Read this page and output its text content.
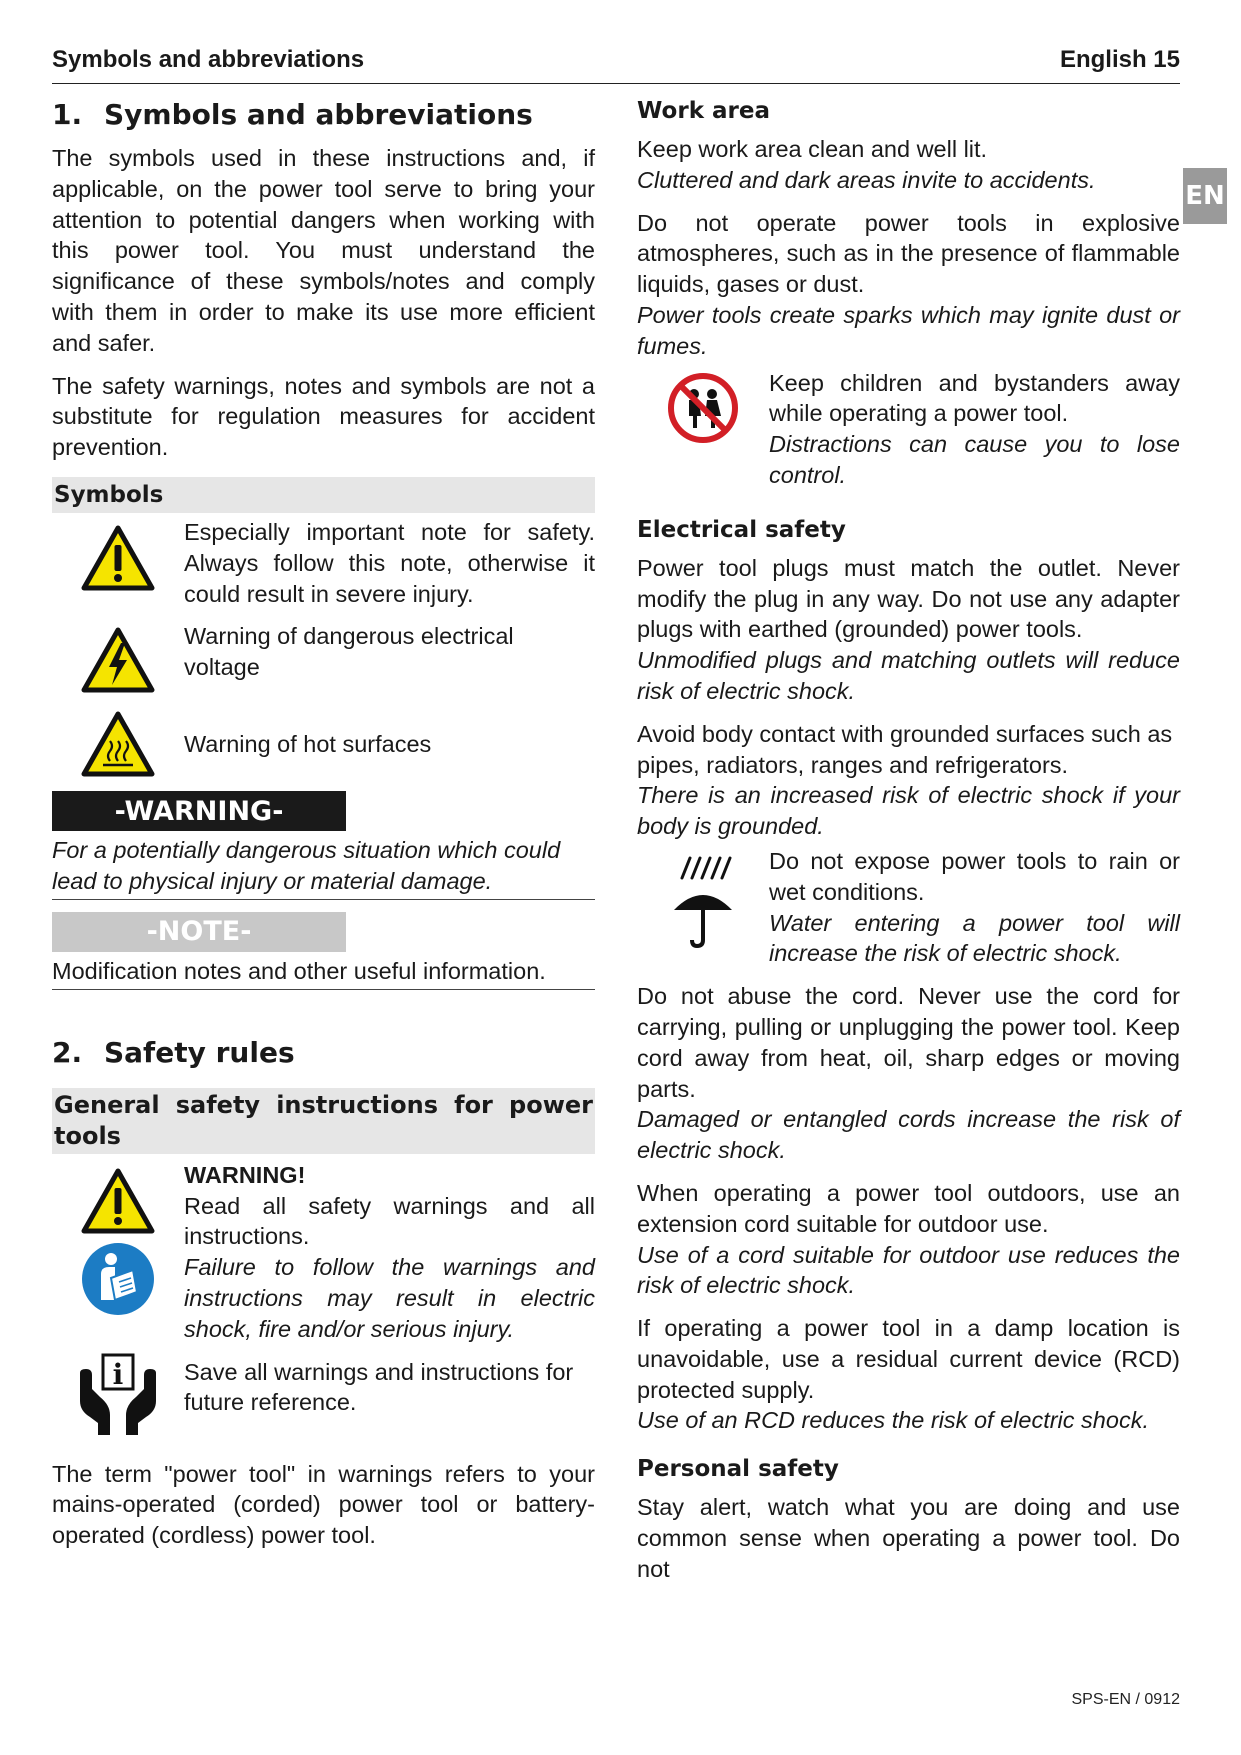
Symbols and abbreviations	English 15
EN
1. Symbols and abbreviations

The symbols used in these instructions and, if applicable, on the power tool serve to bring your attention to potential dangers when working with this power tool. You must understand the significance of these symbols/notes and comply with them in order to make its use more efficient and safer.

The safety warnings, notes and symbols are not a substitute for regulation measures for accident prevention.

Symbols

Especially important note for safety. Always follow this note, otherwise it could result in severe injury.

Warning of dangerous electrical voltage

Warning of hot surfaces

-WARNING-

For a potentially dangerous situation which could lead to physical injury or material damage.

-NOTE-

Modification notes and other useful information.

2. Safety rules
General safety instructions for power tools

WARNING!

Read all safety warnings and all instructions.

Failure to follow the warnings and instructions may result in electric shock, fire and/or serious injury.

i	Save all warnings and instructions for future reference.

The term "power tool" in warnings refers to your mains-operated (corded) power tool or battery-operated (cordless) power tool.

Work area

Keep work area clean and well lit.

Cluttered and dark areas invite to accidents.

Do not operate power tools in explosive atmospheres, such as in the presence of flammable liquids, gases or dust.

Power tools create sparks which may ignite dust or fumes.

Keep children and bystanders away while operating a power tool.

Distractions can cause you to lose control.

Electrical safety

Power tool plugs must match the outlet. Never modify the plug in any way. Do not use any adapter plugs with earthed (grounded) power tools.

Unmodified plugs and matching outlets will reduce risk of electric shock.

Avoid body contact with grounded surfaces such as pipes, radiators, ranges and refrigerators.

There is an increased risk of electric shock if your body is grounded.

Do not expose power tools to rain or wet conditions.

Water entering a power tool will increase the risk of electric shock.

Do not abuse the cord. Never use the cord for carrying, pulling or unplugging the power tool. Keep cord away from heat, oil, sharp edges or moving parts.

Damaged or entangled cords increase the risk of electric shock.

When operating a power tool outdoors, use an extension cord suitable for outdoor use.

Use of a cord suitable for outdoor use reduces the risk of electric shock.

If operating a power tool in a damp location is unavoidable, use a residual current device (RCD) protected supply.

Use of an RCD reduces the risk of electric shock.

Personal safety

Stay alert, watch what you are doing and use common sense when operating a power tool. Do not

SPS-EN / 0912
